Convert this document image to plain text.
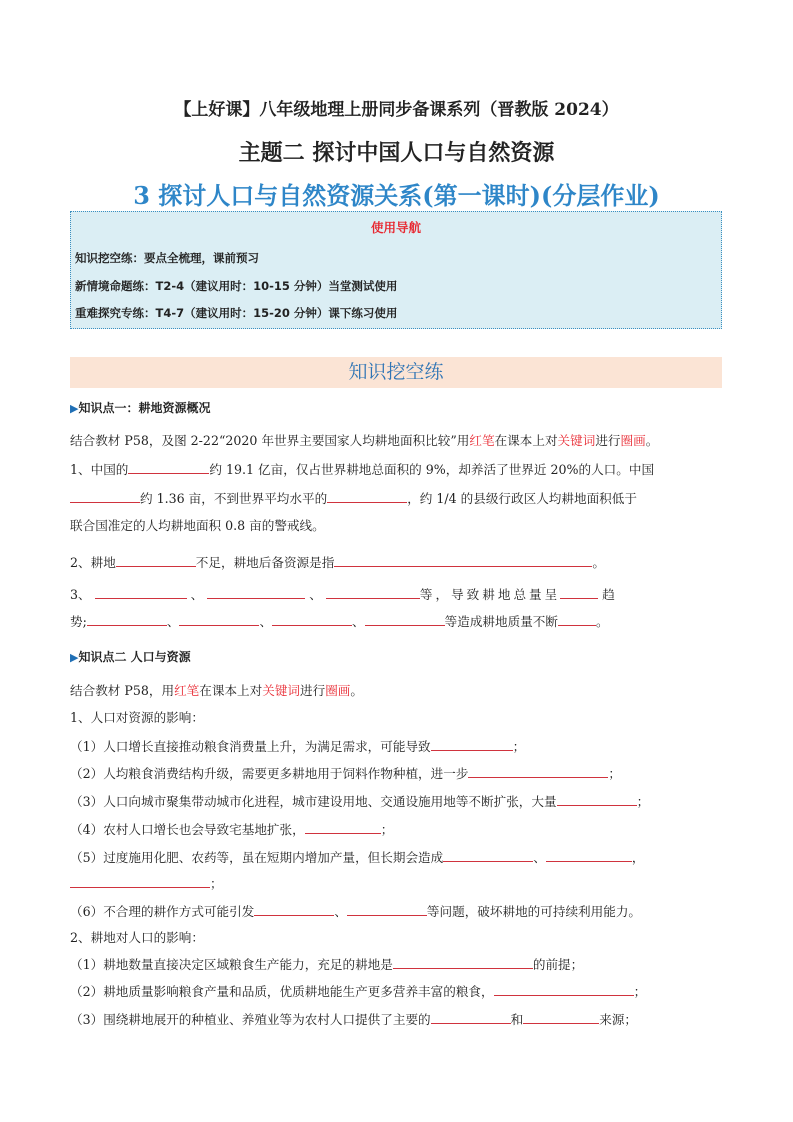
【上好课】八年级地理上册同步备课系列（晋教版 2024）
主题二 探讨中国人口与自然资源
3 探讨人口与自然资源关系(第一课时)(分层作业)
使用导航
知识挖空练：要点全梳理，课前预习
新情境命题练：T2-4（建议用时：10-15 分钟）当堂测试使用
重难探究专练：T4-7（建议用时：15-20 分钟）课下练习使用
知识挖空练
▶知识点一：耕地资源概况
结合教材 P58，及图 2-22“2020 年世界主要国家人均耕地面积比较”用红笔在课本上对关键词进行圈画。
1、中国的	约 19.1 亿亩，仅占世界耕地总面积的 9%，却养活了世界近 20%的人口。中国
约 1.36 亩，不到世界平均水平的	，约 1/4 的县级行政区人均耕地面积低于
联合国准定的人均耕地面积 0.8 亩的警戒线。
2、耕地	不足，耕地后备资源是指	。
3、	、	、	等，导致耕地总量呈	趋
势;	、	、	、	等造成耕地质量不断	。
▶知识点二 人口与资源
结合教材 P58，用红笔在课本上对关键词进行圈画。
1、人口对资源的影响：
（1）人口增长直接推动粮食消费量上升，为满足需求，可能导致	；
（2）人均粮食消费结构升级，需要更多耕地用于饲料作物种植，进一步	；
（3）人口向城市聚集带动城市化进程，城市建设用地、交通设施用地等不断扩张，大量	；
（4）农村人口增长也会导致宅基地扩张，	；
（5）过度施用化肥、农药等，虽在短期内增加产量，但长期会造成	、	，
；
（6）不合理的耕作方式可能引发	、	等问题，破坏耕地的可持续利用能力。
2、耕地对人口的影响：
（1）耕地数量直接决定区域粮食生产能力，充足的耕地是	的前提；
（2）耕地质量影响粮食产量和品质，优质耕地能生产更多营养丰富的粮食，	；
（3）围绕耕地展开的种植业、养殖业等为农村人口提供了主要的	和	来源；
